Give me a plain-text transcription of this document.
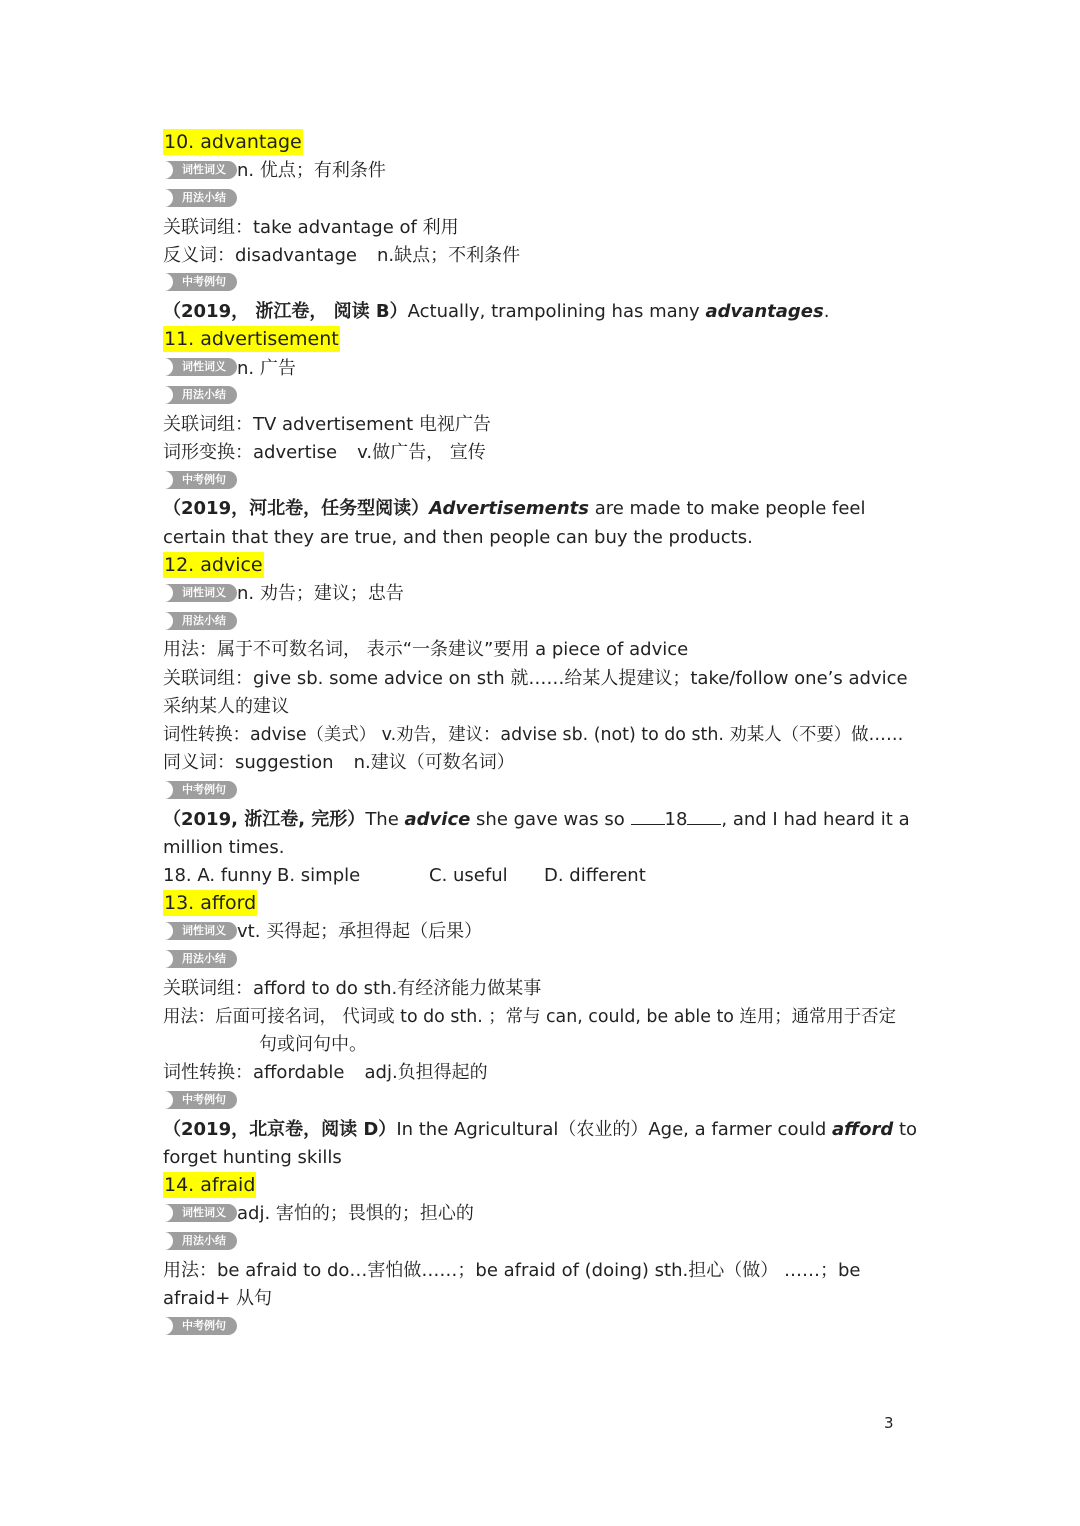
10. advantage
词性词义 n. 优点；有利条件
用法小结
关联词组：take advantage of 利用
反义词：disadvantage n.缺点；不利条件
中考例句
（2019， 浙江卷， 阅读 B）Actually, trampolining has many advantages.
11. advertisement
词性词义 n. 广告
用法小结
关联词组：TV advertisement 电视广告
词形变换：advertise v.做广告， 宣传
中考例句
（2019，河北卷，任务型阅读）Advertisements are made to make people feel certain that they are true, and then people can buy the products.
12. advice
词性词义 n. 劝告；建议；忠告
用法小结
用法：属于不可数名词， 表示“一条建议”要用 a piece of advice
关联词组：give sb. some advice on sth 就……给某人提建议；take/follow one’s advice 采纳某人的建议
词性转换：advise（美式） v.劝告，建议：advise sb. (not) to do sth. 劝某人（不要）做……
同义词：suggestion n.建议（可数名词）
中考例句
（2019, 浙江卷, 完形）The advice she gave was so 18 , and I had heard it a million times.
18. A. funny B. simple	C. useful D. different
13. afford
词性词义 vt. 买得起；承担得起（后果）
用法小结
关联词组：afford to do sth.有经济能力做某事
用法：后面可接名词， 代词或 to do sth. ；常与 can, could, be able to 连用；通常用于否定
句或问句中。
词性转换：affordable adj.负担得起的
中考例句
（2019，北京卷，阅读 D）In the Agricultural（农业的）Age, a farmer could afford to forget hunting skills
14. afraid
词性词义 adj. 害怕的；畏惧的；担心的
用法小结
用法：be afraid to do…害怕做……；be afraid of (doing) sth.担心（做） ……；be afraid+ 从句
中考例句
3
